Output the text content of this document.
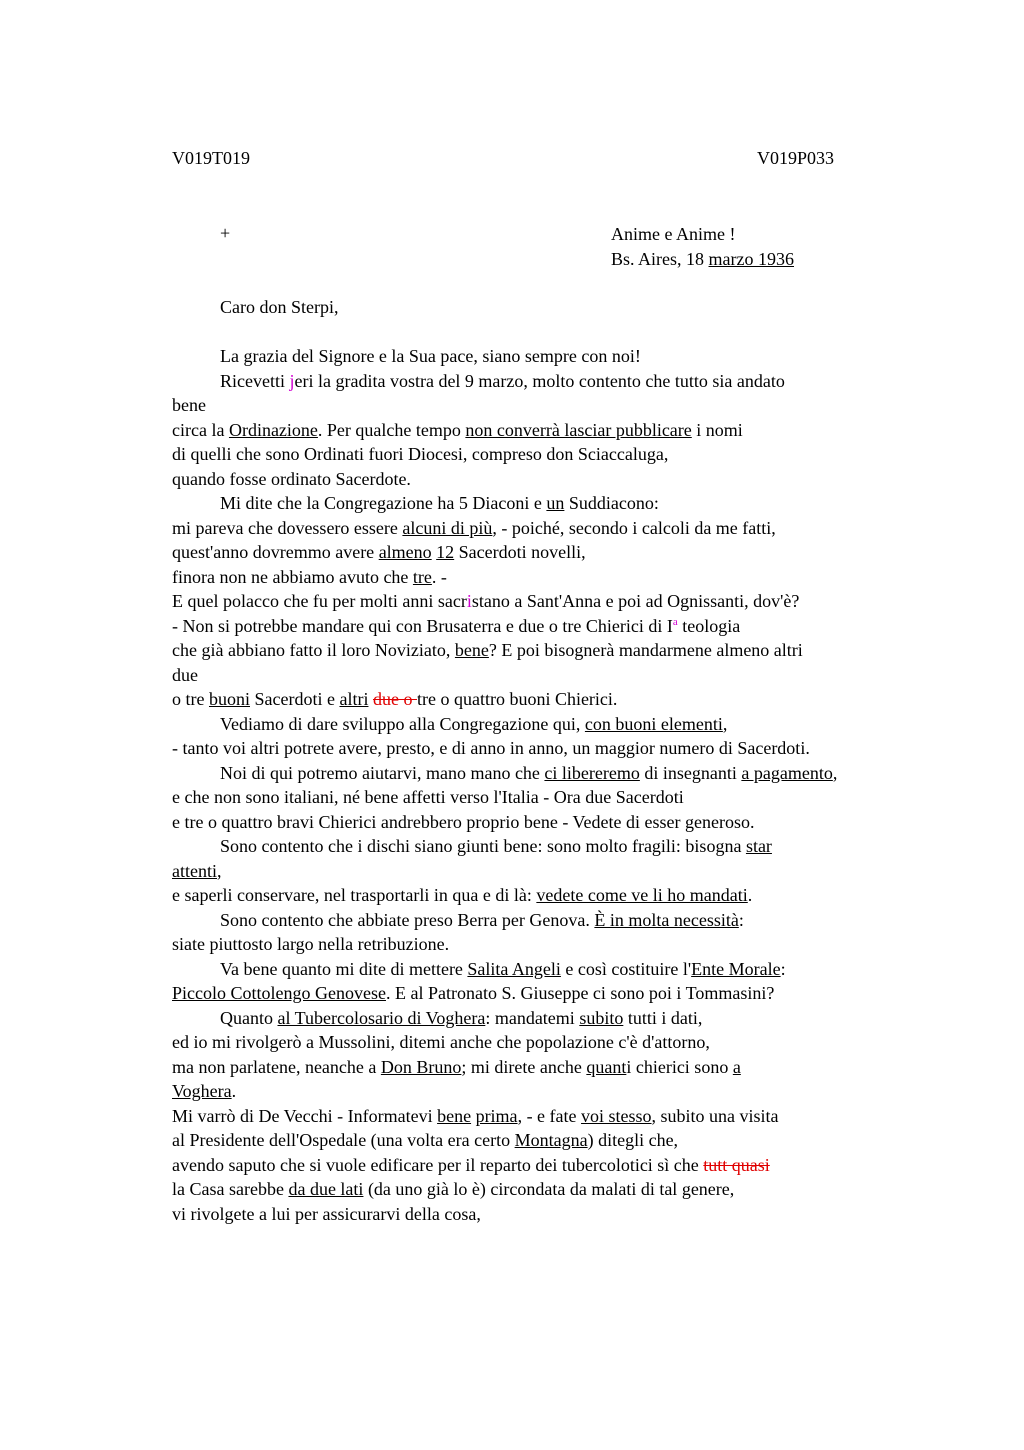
V019T019	V019P033
+	Anime e Anime !
Bs. Aires, 18 marzo 1936
Caro don Sterpi,
La grazia del Signore e la Sua pace, siano sempre con noi!
Ricevetti jeri la gradita vostra del 9 marzo, molto contento che tutto sia andato
bene
circa la Ordinazione. Per qualche tempo non converrà lasciar pubblicare i nomi
di quelli che sono Ordinati fuori Diocesi, compreso don Sciaccaluga,
quando fosse ordinato Sacerdote.
Mi dite che la Congregazione ha 5 Diaconi e un Suddiacono:
mi pareva che dovessero essere alcuni di più, - poiché, secondo i calcoli da me fatti,
quest'anno dovremmo avere almeno 12 Sacerdoti novelli,
finora non ne abbiamo avuto che tre. -
E quel polacco che fu per molti anni sacristano a Sant'Anna e poi ad Ognissanti, dov'è?
- Non si potrebbe mandare qui con Brusaterra e due o tre Chierici di $I^a$ teologia
che già abbiano fatto il loro Noviziato, bene? E poi bisognerà mandarmene almeno altri
due
o tre buoni Sacerdoti e altri due o tre o quattro buoni Chierici.
Vediamo di dare sviluppo alla Congregazione qui, con buoni elementi,
- tanto voi altri potrete avere, presto, e di anno in anno, un maggior numero di Sacerdoti.
Noi di qui potremo aiutarvi, mano mano che ci libereremo di insegnanti a pagamento,
e che non sono italiani, né bene affetti verso l'Italia - Ora due Sacerdoti
e tre o quattro bravi Chierici andrebbero proprio bene - Vedete di esser generoso.
Sono contento che i dischi siano giunti bene: sono molto fragili: bisogna star
attenti,
e saperli conservare, nel trasportarli in qua e di là: vedete come ve li ho mandati.
Sono contento che abbiate preso Berra per Genova. È in molta necessità:
siate piuttosto largo nella retribuzione.
Va bene quanto mi dite di mettere Salita Angeli e così costituire l'Ente Morale:
Piccolo Cottolengo Genovese. E al Patronato S. Giuseppe ci sono poi i Tommasini?
Quanto al Tubercolosario di Voghera: mandatemi subito tutti i dati,
ed io mi rivolgerò a Mussolini, ditemi anche che popolazione c'è d'attorno,
ma non parlatene, neanche a Don Bruno; mi direte anche quanti chierici sono a
Voghera.
Mi varrò di De Vecchi - Informatevi bene prima, - e fate voi stesso, subito una visita
al Presidente dell'Ospedale (una volta era certo Montagna) ditegli che,
avendo saputo che si vuole edificare per il reparto dei tubercolotici sì che tutt quasi
la Casa sarebbe da due lati (da uno già lo è) circondata da malati di tal genere,
vi rivolgete a lui per assicurarvi della cosa,
